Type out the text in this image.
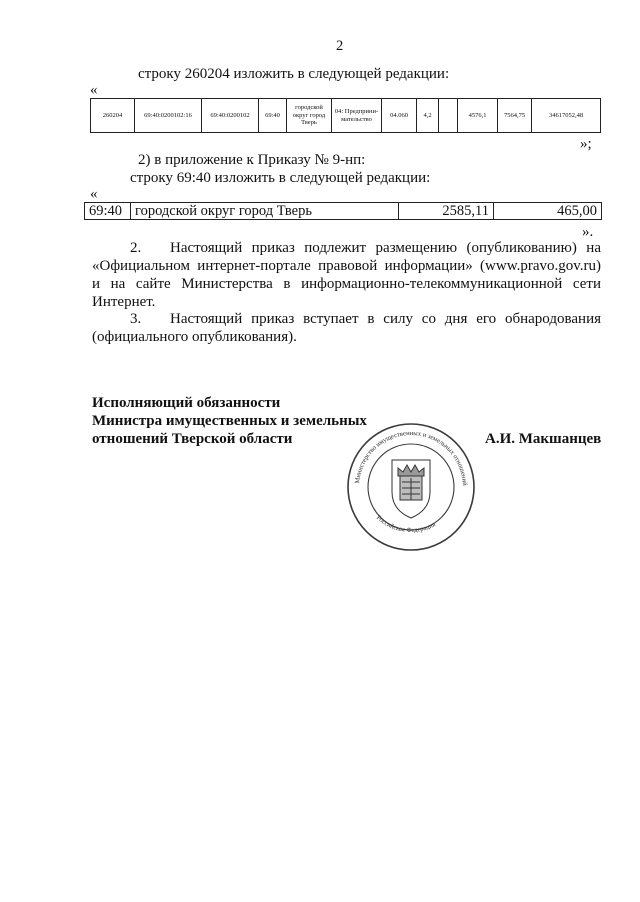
2
строку 260204 изложить в следующей редакции:
«
260204	69:40:0200102:16	69:40:0200102	69:40	городской округ город Тверь	04: Предприни-мательство	04.060	4,2		4576,1	7564,75	34617052,48
»;
2) в приложение к Приказу № 9-нп:
строку 69:40 изложить в следующей редакции:
«
69:40	городской округ город Тверь	2585,11	465,00
».
2. Настоящий приказ подлежит размещению (опубликованию) на
«Официальном интернет-портале правовой информации» (www.pravo.gov.ru)
и на сайте Министерства в информационно-телекоммуникационной сети
Интернет.
3. Настоящий приказ вступает в силу со дня его обнародования
(официального опубликования).
Исполняющий обязанности
Министра имущественных и земельных
отношений Тверской области	А.И. Макшанцев
Министерство имущественных и земельных отношений
Российская Федерация
